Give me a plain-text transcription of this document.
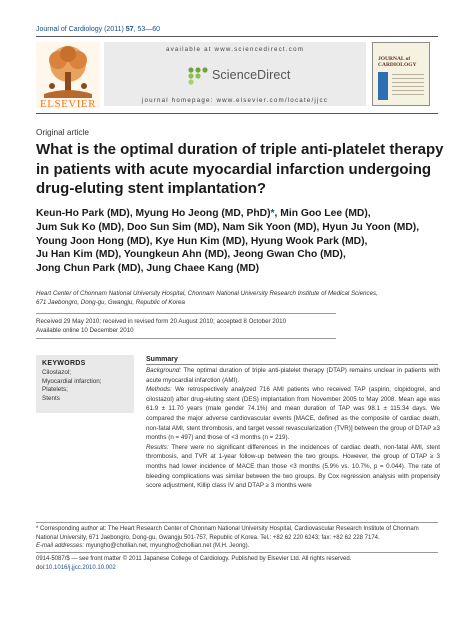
Journal of Cardiology (2011) 57, 53—60
ELSEVIER
available at www.sciencedirect.com
ScienceDirect
journal homepage: www.elsevier.com/locate/jjcc
JOURNAL of CARDIOLOGY
Original article
What is the optimal duration of triple anti-platelet therapy in patients with acute myocardial infarction undergoing drug-eluting stent implantation?
Keun-Ho Park (MD), Myung Ho Jeong (MD, PhD)*, Min Goo Lee (MD),
Jum Suk Ko (MD), Doo Sun Sim (MD), Nam Sik Yoon (MD), Hyun Ju Yoon (MD),
Young Joon Hong (MD), Kye Hun Kim (MD), Hyung Wook Park (MD),
Ju Han Kim (MD), Youngkeun Ahn (MD), Jeong Gwan Cho (MD),
Jong Chun Park (MD), Jung Chaee Kang (MD)
Heart Center of Chonnam National University Hospital, Chonnam National University Research Institute of Medical Sciences,
671 Jaebongro, Dong-gu, Gwangju, Republic of Korea
Received 29 May 2010; received in revised form 20 August 2010; accepted 8 October 2010
Available online 10 December 2010
KEYWORDS
Cilostazol;
Myocardial infarction;
Platelets;
Stents
Summary
Background: The optimal duration of triple anti-platelet therapy (DTAP) remains unclear in patients with acute myocardial infarction (AMI).
Methods: We retrospectively analyzed 716 AMI patients who received TAP (aspirin, clopidogrel, and cilostazol) after drug-eluting stent (DES) implantation from November 2005 to May 2008. Mean age was 61.9 ± 11.70 years (male gender 74.1%) and mean duration of TAP was 98.1 ± 115.34 days. We compared the major adverse cardiovascular events [MACE, defined as the composite of cardiac death, non-fatal AMI, stent thrombosis, and target vessel revascularization (TVR)] between the group of DTAP ≥3 months (n = 497) and those of <3 months (n = 219).
Results: There were no significant differences in the incidences of cardiac death, non-fatal AMI, stent thrombosis, and TVR at 1-year follow-up between the two groups. However, the group of DTAP ≥ 3 months had lower incidence of MACE than those <3 months (5.9% vs. 10.7%, p = 0.044). The rate of bleeding complications was similar between the two groups. By Cox regression analysis with propensity score adjustment, Killip class IV and DTAP ≥ 3 months were
* Corresponding author at: The Heart Research Center of Chonnam National University Hospital, Cardiovascular Research Institute of Chonnam National University, 671 Jaebongro, Dong-gu, Gwangju 501-757, Republic of Korea. Tel.: +82 62 220 6243; fax: +82 62 228 7174.
E-mail addresses: myungho@chollian.net, myungho@chollian.net (M.H. Jeong).
0914-5087/$ — see front matter © 2011 Japanese College of Cardiology. Published by Elsevier Ltd. All rights reserved.
doi:10.1016/j.jjcc.2010.10.002
